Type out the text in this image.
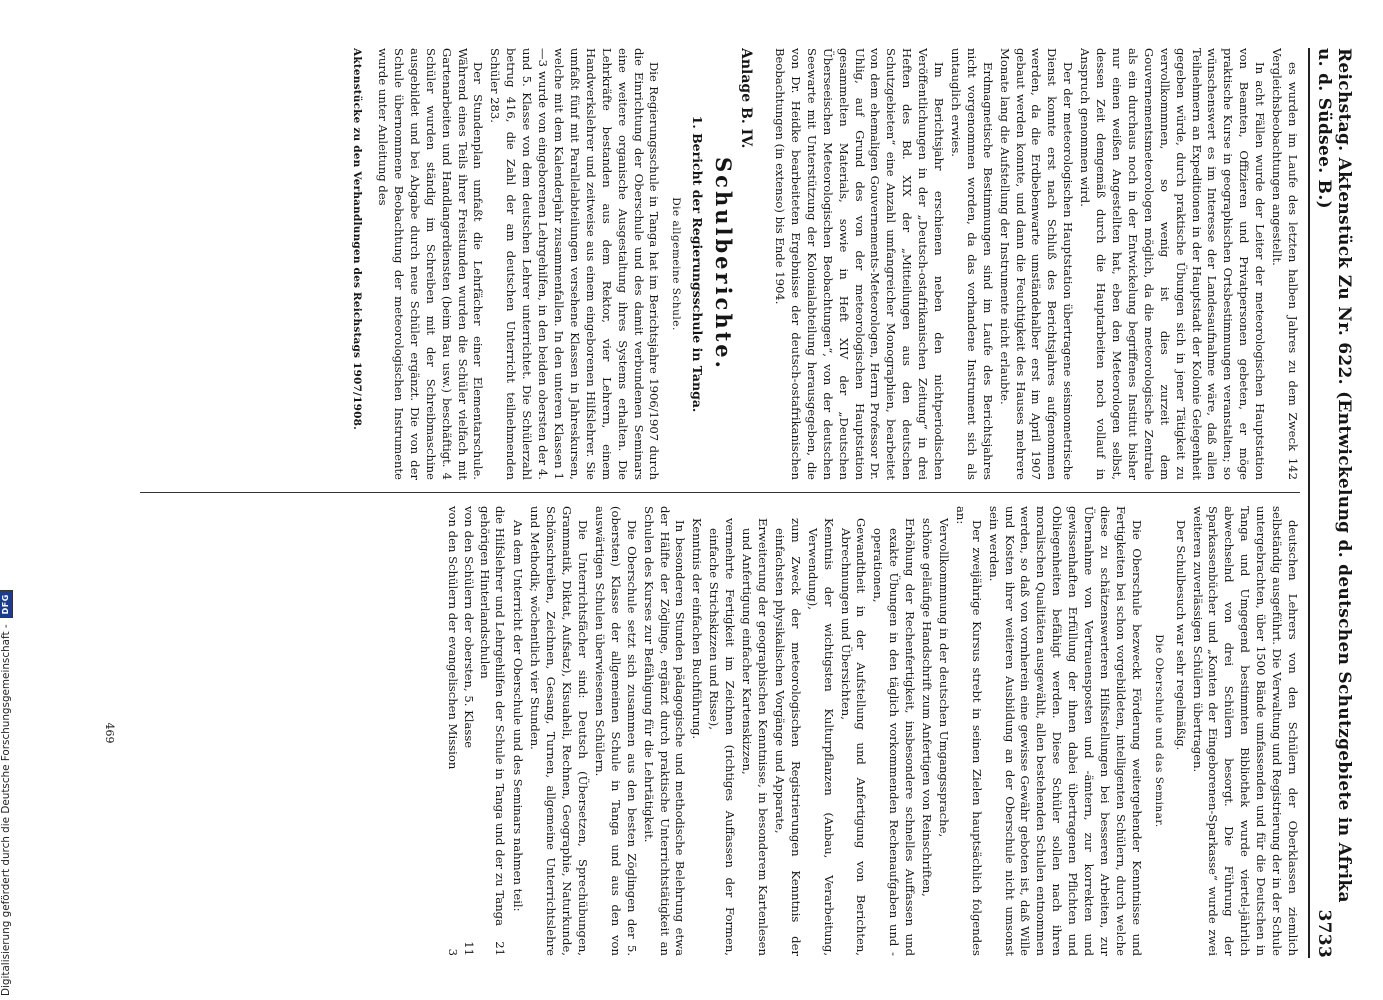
Reichstag. Aktenstück Zu Nr. 622. (Entwickelung d. deutschen Schutzgebiete in Afrika u. d. Südsee. B.)
3733

es wurden im Laufe des letzten halben Jahres zu dem Zweck 142 Vergleichsbeobachtungen angestellt.

In acht Fällen wurde der Leiter der meteorologischen Hauptstation von Beamten, Offizieren und Privatpersonen gebeten, er möge praktische Kurse in geographischen Ortsbestimmungen veranstalten; so wünschenswert es im Interesse der Landesaufnahme wäre, daß allen Teilnehmern an Expeditionen in der Hauptstadt der Kolonie Gelegenheit gegeben würde, durch praktische Übungen sich in jener Tätigkeit zu vervollkommnen, so wenig ist dies zurzeit dem Gouvernementsmeteorologen möglich, da die meteorologische Zentrale als ein durchaus noch in der Entwickelung begriffenes Institut bisher nur einen weißen Angestellten hat, eben den Meteorologen selbst, dessen Zeit demgemäß durch die Hauptarbeiten noch vollauf in Anspruch genommen wird.

Der der meteorologischen Hauptstation übertragene seismometrische Dienst konnte erst nach Schluß des Berichtsjahres aufgenommen werden, da die Erdbebenwarte umständehalber erst im April 1907 gebaut werden konnte, und dann die Feuchtigkeit des Hauses mehrere Monate lang die Aufstellung der Instrumente nicht erlaubte.

Erdmagnetische Bestimmungen sind im Laufe des Berichtsjahres nicht vorgenommen worden, da das vorhandene Instrument sich als untauglich erwies.

Im Berichtsjahr erschienen neben den nichtperiodischen Veröffentlichungen in der „Deutsch-ostafrikanischen Zeitung“ in drei Heften des Bd. XIX der „Mitteilungen aus den deutschen Schutzgebieten“ eine Anzahl umfangreicher Monographien, bearbeitet von dem ehemaligen Gouvernements-Meteorologen, Herrn Professor Dr. Uhlig, auf Grund des von der meteorologischen Hauptstation gesammelten Materials, sowie in Heft XIV der „Deutschen Überseeischen Meteorologischen Beobachtungen“, von der deutschen Seewarte mit Unterstützung der Kolonialabteilung herausgegeben, die von Dr. Heidke bearbeiteten Ergebnisse der deutsch-ostafrikanischen Beobachtungen (in extenso) bis Ende 1904.

Anlage B. IV.

Schulberichte.

1. Bericht der Regierungsschule in Tanga.

Die allgemeine Schule.

Die Regierungsschule in Tanga hat im Berichtsjahre 1906/1907 durch die Einrichtung der Oberschule und des damit verbundenen Seminars eine weitere organische Ausgestaltung ihres Systems erhalten. Die Lehrkräfte bestanden aus dem Rektor, vier Lehrern, einem Handwerkslehrer und zeitweise aus einem eingeborenen Hilfslehrer. Sie umfaßt fünf mit Parallelabteilungen versehene Klassen in Jahreskursen, welche mit dem Kalenderjahr zusammenfallen. In den unteren Klassen 1—3 wurde von eingeborenen Lehrgehilfen, in den beiden obersten der 4. und 5. Klasse von dem deutschen Lehrer unterrichtet. Die Schülerzahl betrug 416, die Zahl der am deutschen Unterricht teilnehmenden Schüler 283.

Der Stundenplan umfaßt die Lehrfächer einer Elementarschule. Während eines Teils ihrer Freistunden wurden die Schüler vielfach mit Gartenarbeiten und Handlangerdiensten (beim Bau usw.) beschäftigt. 4 Schüler wurden ständig im Schreiben mit der Schreibmaschine ausgebildet und bei Abgabe durch neue Schüler ergänzt. Die von der Schule übernommene Beobachtung der meteorologischen Instrumente wurde unter Anleitung des

Aktenstücke zu den Verhandlungen des Reichstags 1907/1908.

deutschen Lehrers von den Schülern der Oberklassen ziemlich selbständig ausgeführt. Die Verwaltung und Registrierung der in der Schule untergebrachten, über 1500 Bände umfassenden und für die Deutschen in Tanga und Umgegend bestimmten Bibliothek wurde viertel-jährlich abwechselnd von drei Schülern besorgt. Die Führung der Sparkassenbücher und „Konten der Eingeborenen-Sparkasse“ wurde zwei weiteren zuverlässigen Schülern übertragen.

Der Schulbesuch war sehr regelmäßig.

Die Oberschule und das Seminar.

Die Oberschule bezweckt Förderung weitergehender Kenntnisse und Fertigkeiten bei schon vorgebildeten, intelligenten Schülern, durch welche diese zu schätzenswerteren Hilfsstellungen bei besseren Arbeiten, zur Übernahme von Vertrauensposten und -ämtern, zur korrekten und gewissenhaften Erfüllung der ihnen dabei übertragenen Pflichten und Obliegenheiten befähigt werden. Diese Schüler sollen nach ihren moralischen Qualitäten ausgewählt, allen bestehenden Schulen entnommen werden, so daß von vornherein eine gewisse Gewähr geboten ist, daß Wille und Kosten ihrer weiteren Ausbildung an der Oberschule nicht umsonst sein werden.

Der zweijährige Kursus strebt in seinen Zielen hauptsächlich folgendes an:

Vervollkommnung in der deutschen Umgangssprache,
schöne geläufige Handschrift zum Anfertigen von Reinschriften,
Erhöhung der Rechenfertigkeit, insbesondere schnelles Auffassen und exakte Übungen in den täglich vorkommenden Rechenaufgaben und -operationen,
Gewandtheit in der Aufstellung und Anfertigung von Berichten, Abrechnungen und Übersichten,
Kenntnis der wichtigsten Kulturpflanzen (Anbau, Verarbeitung, Verwendung),
zum Zweck der meteorologischen Registrierungen Kenntnis der einfachsten physikalischen Vorgänge und Apparate,
Erweiterung der geographischen Kenntnisse, in besonderem Kartenlesen und Anfertigung einfacher Kartenskizzen,
vermehrte Fertigkeit im Zeichnen (richtiges Auffassen der Formen, einfache Strichskizzen und Risse),
Kenntnis der einfachen Buchführung.

In besonderen Stunden pädagogische und methodische Belehrung etwa der Hälfte der Zöglinge, ergänzt durch praktische Unterrichtstätigkeit an Schulen des Kurses zur Befähigung für die Lehrtätigkeit.

Die Oberschule setzt sich zusammen aus den besten Zöglingen der 5. (obersten) Klasse der allgemeinen Schule in Tanga und aus den von auswärtigen Schulen überwiesenen Schülern.

Die Unterrichtsfächer sind: Deutsch (Übersetzen, Sprechübungen, Grammatik, Diktat, Aufsatz), Kisuaheli, Rechnen, Geographie, Naturkunde, Schönschreiben, Zeichnen, Gesang, Turnen, allgemeine Unterrichtslehre und Methodik; wöchentlich vier Stunden.

An dem Unterricht der Oberschule und des Seminars nahmen teil:

die Hilfslehrer und Lehrgehilfen der Schule in Tanga und der zu Tanga gehörigen Hinterlandschulen	21
von den Schülern der obersten, 5. Klasse	11
von den Schülern der evangelischen Mission	3
469
Digitalisierung gefördert durch die Deutsche Forschungsgemeinschaft -
DFG
